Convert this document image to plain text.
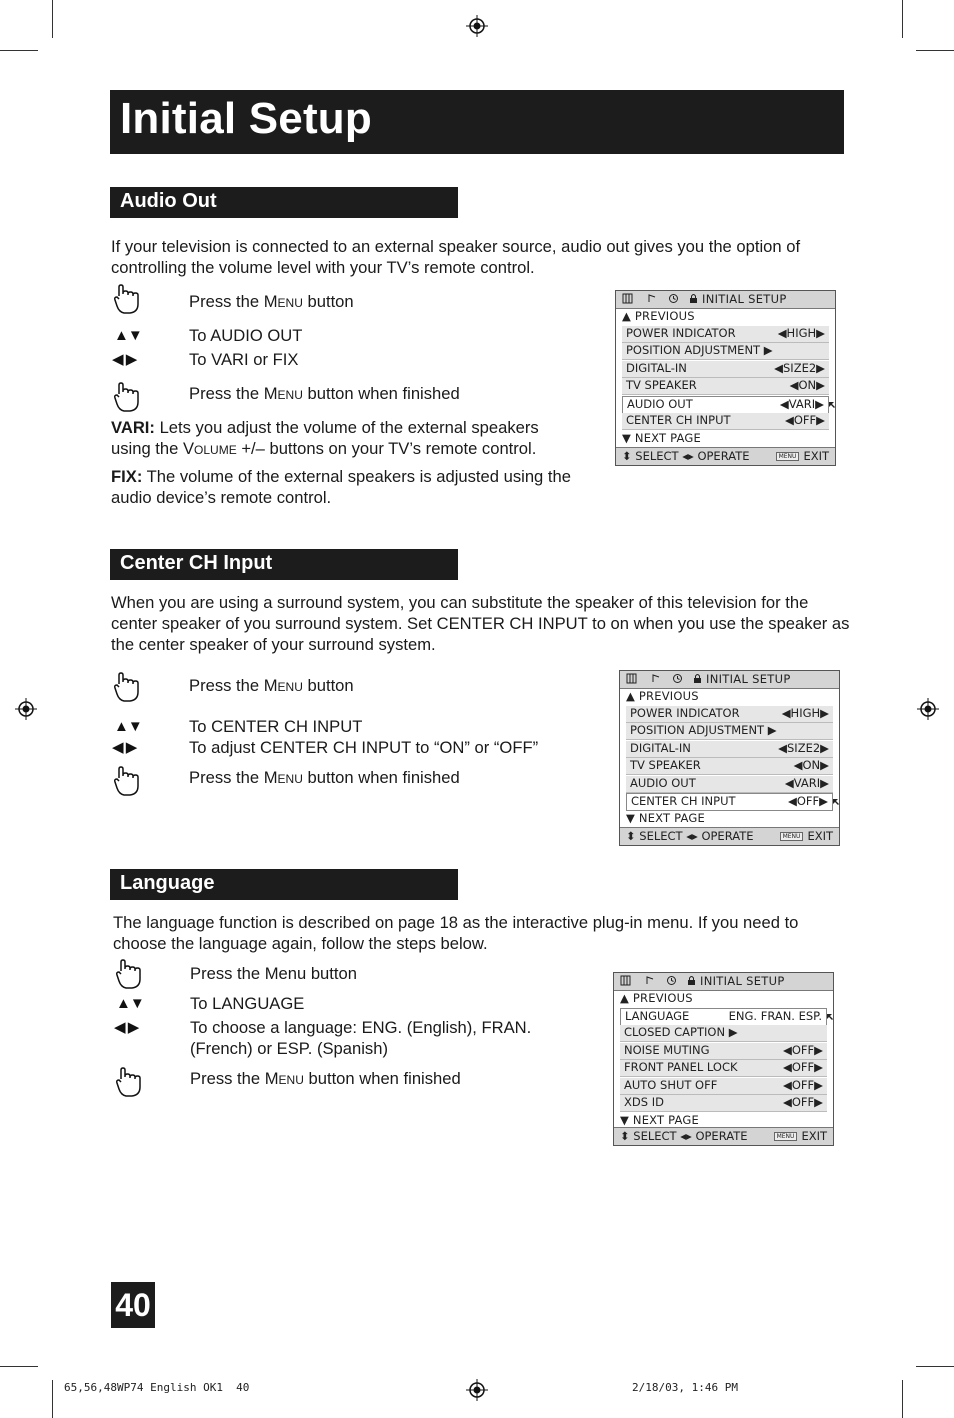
Initial Setup
Audio Out
If your television is connected to an external speaker source, audio out gives you the option of controlling the volume level with your TV’s remote control.
Press the Menu button
▲▼	To AUDIO OUT
◀ ▶	To VARI or FIX
Press the Menu button when finished
VARI: Lets you adjust the volume of the external speakers using the Volume +/– buttons on your TV’s remote control.
FIX: The volume of the external speakers is adjusted using the audio device’s remote control.
INITIAL SETUP
▲ PREVIOUS
POWER INDICATOR	◀HIGH▶
POSITION ADJUSTMENT ▶
DIGITAL-IN	◀SIZE2▶
TV SPEAKER	◀ON▶
AUDIO OUT	◀VARI▶
CENTER CH INPUT	◀OFF▶
▼ NEXT PAGE
⬍ SELECT ◂▸ OPERATE	MENU EXIT
Center CH Input
When you are using a surround system, you can substitute the speaker of this television for the center speaker of you surround system. Set CENTER CH INPUT to on when you use the speaker as the center speaker of your surround system.
Press the Menu button
▲▼	To CENTER CH INPUT
◀ ▶	To adjust CENTER CH INPUT to “ON” or “OFF”
Press the Menu button when finished
INITIAL SETUP
▲ PREVIOUS
POWER INDICATOR	◀HIGH▶
POSITION ADJUSTMENT ▶
DIGITAL-IN	◀SIZE2▶
TV SPEAKER	◀ON▶
AUDIO OUT	◀VARI▶
CENTER CH INPUT	◀OFF▶
▼ NEXT PAGE
⬍ SELECT ◂▸ OPERATE	MENU EXIT
Language
The language function is described on page 18 as the interactive plug-in menu. If you need to choose the language again, follow the steps below.
Press the Menu button
▲▼	To LANGUAGE
◀ ▶	To choose a language: ENG. (English), FRAN. (French) or ESP. (Spanish)
Press the Menu button when finished
INITIAL SETUP
▲ PREVIOUS
LANGUAGE	ENG. FRAN. ESP.
CLOSED CAPTION ▶
NOISE MUTING	◀OFF▶
FRONT PANEL LOCK	◀OFF▶
AUTO SHUT OFF	◀OFF▶
XDS ID	◀OFF▶
▼ NEXT PAGE
⬍ SELECT ◂▸ OPERATE	MENU EXIT
40
65,56,48WP74 English OK1  40	2/18/03, 1:46 PM
